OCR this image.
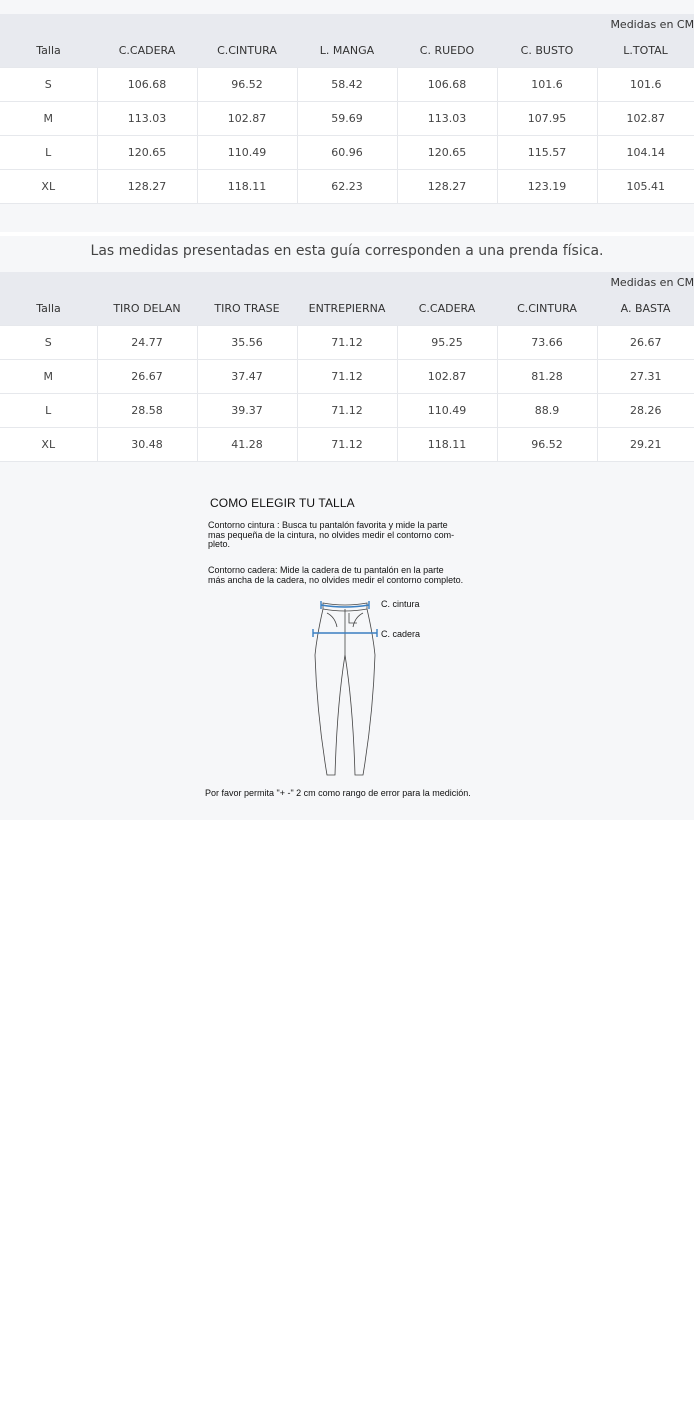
Medidas en CM						
Talla	C.CADERA	C.CINTURA	L. MANGA	C. RUEDO	C. BUSTO	L.TOTAL
S	106.68	96.52	58.42	106.68	101.6	101.6
M	113.03	102.87	59.69	113.03	107.95	102.87
L	120.65	110.49	60.96	120.65	115.57	104.14
XL	128.27	118.11	62.23	128.27	123.19	105.41
Las medidas presentadas en esta guía corresponden a una prenda física.
Medidas en CM						
Talla	TIRO DELAN	TIRO TRASE	ENTREPIERNA	C.CADERA	C.CINTURA	A. BASTA
S	24.77	35.56	71.12	95.25	73.66	26.67
M	26.67	37.47	71.12	102.87	81.28	27.31
L	28.58	39.37	71.12	110.49	88.9	28.26
XL	30.48	41.28	71.12	118.11	96.52	29.21
COMO ELEGIR TU TALLA
Contorno cintura : Busca tu pantalón favorita y mide la parte
mas pequeña de la cintura, no olvides medir el contorno com-
pleto.
Contorno cadera: Mide la cadera de tu pantalón en la parte
más ancha de la cadera, no olvides medir el contorno completo.
C. cintura
C. cadera
Por favor permita "+ -" 2 cm como rango de error para la medición.
